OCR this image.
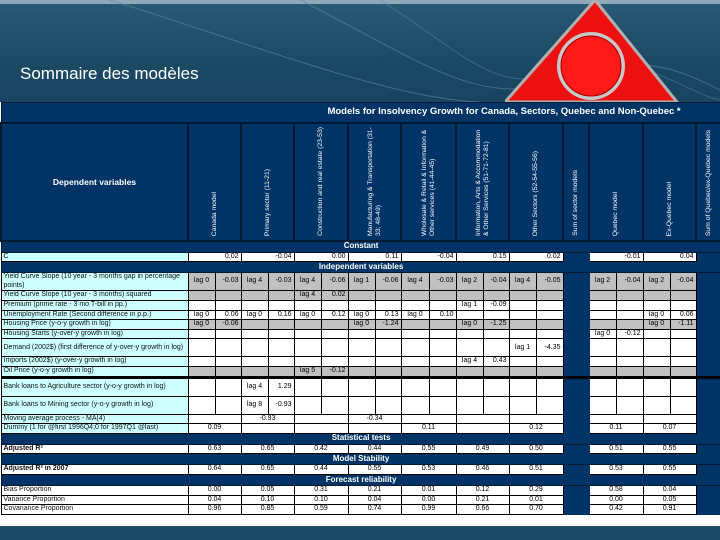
Sommaire des modèles
Models for Insolvency Growth for Canada, Sectors, Quebec and Non-Quebec *																				
Dependent variables	Canada model		Primary sector (11-21)		Construction and real estate (23-53)		Manufacturing & Transportation (31-33; 48-49)		Wholesale & Retail & Information & Other services (41-44-45)		Information, Arts & Accommodation & Other Services (51-71-72-81)		Other Sectors (52-54-55-56)		Sum of sector models	Quebec model		Ex-Quebec model		Sum of Quebec/ex-Quebec models
Constant																				
C	0.02		-0.04		0.00		0.11		-0.04		0.15		0.02			-0.01		0.04		
Independent variables																				
Yield Curve Slope (10 year - 3 months gap in percentage points)	lag 0	-0.03	lag 4	-0.03	lag 4	-0.06	lag 1	-0.06	lag 4	-0.03	lag 2	-0.04	lag 4	-0.05		lag 2	-0.04	lag 2	-0.04	
Yield Curve Slope (10 year - 3 months) squared					lag 4	0.02														
Premium (prime rate - 3 mo T-bill in pp.)											lag 1	-0.09								
Unemployment Rate (Second difference in p.p.)	lag 0	0.06	lag 0	0.16	lag 0	0.12	lag 0	0.13	lag 0	0.10								lag 0	0.06	
Housing Price (y-o-y growth in log)	lag 0	-0.06					lag 0	-1.24			lag 0	-1.25						lag 0	-1.11	
Housing Starts (y-over-y growth in log)																lag 0	-0.12			
Demand (2002$) (first difference of y-over-y growth in log)													lag 1	-4.35						
Imports (2002$) (y-over-y growth in log)											lag 4	0.43								
Oil Price (y-o-y growth in log)					lag 5	-0.12														
Bank loans to Agriculture sector (y-o-y growth in log)			lag 4	1.29																
Bank loans to Mining sector (y-o-y growth in log)			lag 8	-0.93																
Moving average process - MA(4)			-0.93				-0.34													
Dummy (1 for @first 1996Q4;0 for 1997Q1 @last)	0.09								0.11				0.12			0.11		0.07		
Statistical tests																				
Adjusted R²	0.63		0.65		0.42		0.44		0.55		0.49		0.50			0.51		0.55		
Model Stability																				
Adjusted R² in 2007	0.64		0.65		0.44		0.55		0.53		0.46		0.51			0.53		0.55		
Forecast reliability																				
Bias Proportion	0.00		0.05		0.31		0.21		0.01		0.12		0.29			0.58		0.04		
Variance Proportion	0.04		0.10		0.10		0.04		0.00		0.21		0.01			0.00		0.05		
Covariance Proportion	0.96		0.85		0.59		0.74		0.99		0.66		0.70			0.42		0.91		
